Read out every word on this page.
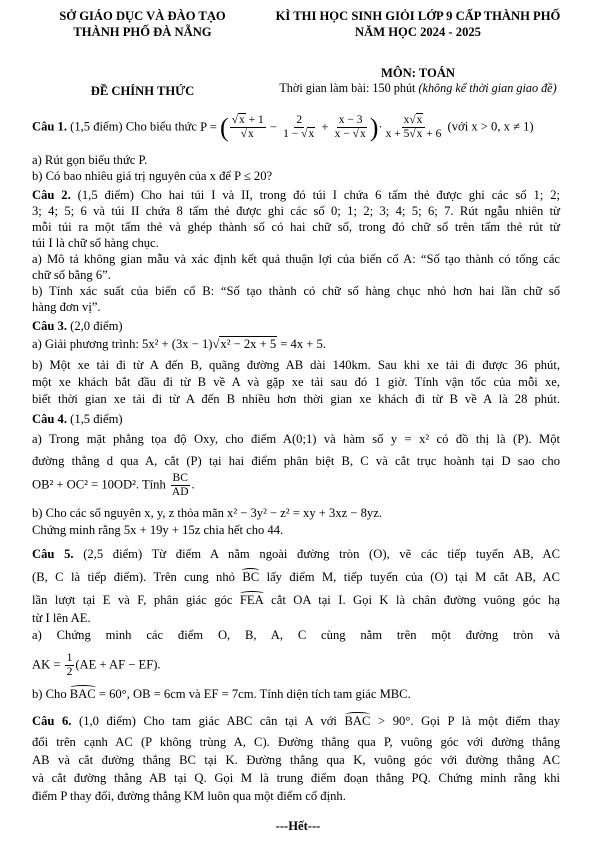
SỞ GIÁO DỤC VÀ ĐÀO TẠO
THÀNH PHỐ ĐÀ NẴNG
KÌ THI HỌC SINH GIỎI LỚP 9 CẤP THÀNH PHỐ
NĂM HỌC 2024 - 2025
MÔN: TOÁN
ĐỀ CHÍNH THỨC	Thời gian làm bài: 150 phút (không kể thời gian giao đề)
Câu 1. (1,5 điểm) Cho biểu thức P = ( $\frac{√x + 1}{√x} - \frac{2}{1 - √x} + \frac{x - 3}{x - √x}$ )· $\frac{x√x}{x + 5√x + 6}$ (với x > 0, x ≠ 1)
a) Rút gọn biểu thức P.
b) Có bao nhiêu giá trị nguyên của x để P ≤ 20?
Câu 2. (1,5 điểm) Cho hai túi I và II, trong đó túi I chứa 6 tấm thẻ được ghi các số 1; 2;
3; 4; 5; 6 và túi II chứa 8 tấm thẻ được ghi các số 0; 1; 2; 3; 4; 5; 6; 7. Rút ngẫu nhiên từ
mỗi túi ra một tấm thẻ và ghép thành số có hai chữ số, trong đó chữ số trên tấm thẻ rút từ
túi I là chữ số hàng chục.
a) Mô tả không gian mẫu và xác định kết quả thuận lợi của biến cố A: “Số tạo thành có tổng các
chữ số bằng 6”.
b) Tính xác suất của biến cố B: “Số tạo thành có chữ số hàng chục nhỏ hơn hai lần chữ số
hàng đơn vị”.
Câu 3. (2,0 điểm)
a) Giải phương trình: 5x² + (3x − 1)√x² − 2x + 5 = 4x + 5.
b) Một xe tải đi từ A đến B, quãng đường AB dài 140km. Sau khi xe tải đi được 36 phút,
một xe khách bắt đầu đi từ B về A và gặp xe tải sau đó 1 giờ. Tính vận tốc của mỗi xe,
biết thời gian xe tải đi từ A đến B nhiều hơn thời gian xe khách đi từ B về A là 28 phút.
Câu 4. (1,5 điểm)
a) Trong mặt phẳng tọa độ Oxy, cho điểm A(0;1) và hàm số y = x² có đồ thị là (P). Một
đường thẳng d qua A, cắt (P) tại hai điểm phân biệt B, C và cắt trục hoành tại D sao cho
OB² + OC² = 10OD². Tính $\frac{BC}{AD}$ .
b) Cho các số nguyên x, y, z thỏa mãn x² − 3y² − z² = xy + 3xz − 8yz.
Chứng minh rằng 5x + 19y + 15z chia hết cho 44.
Câu 5. (2,5 điểm) Từ điểm A nằm ngoài đường tròn (O), vẽ các tiếp tuyến AB, AC
(B, C là tiếp điểm). Trên cung nhỏ BC lấy điểm M, tiếp tuyến của (O) tại M cắt AB, AC
lần lượt tại E và F, phân giác góc FEA cắt OA tại I. Gọi K là chân đường vuông góc hạ
từ I lên AE.
a) Chứng minh các điểm O, B, A, C cùng nằm trên một đường tròn và
AK = $\frac{1}{2} (AE$ + AF − EF).
b) Cho BAC = 60°, OB = 6cm và EF = 7cm. Tính diện tích tam giác MBC.
Câu 6. (1,0 điểm) Cho tam giác ABC cân tại A với BAC > 90°. Gọi P là một điểm thay
đổi trên cạnh AC (P không trùng A, C). Đường thẳng qua P, vuông góc với đường thẳng
AB và cắt đường thẳng BC tại K. Đường thẳng qua K, vuông góc với đường thẳng AC
và cắt đường thẳng AB tại Q. Gọi M là trung điểm đoạn thẳng PQ. Chứng minh rằng khi
điểm P thay đổi, đường thẳng KM luôn qua một điểm cố định.
---Hết---
